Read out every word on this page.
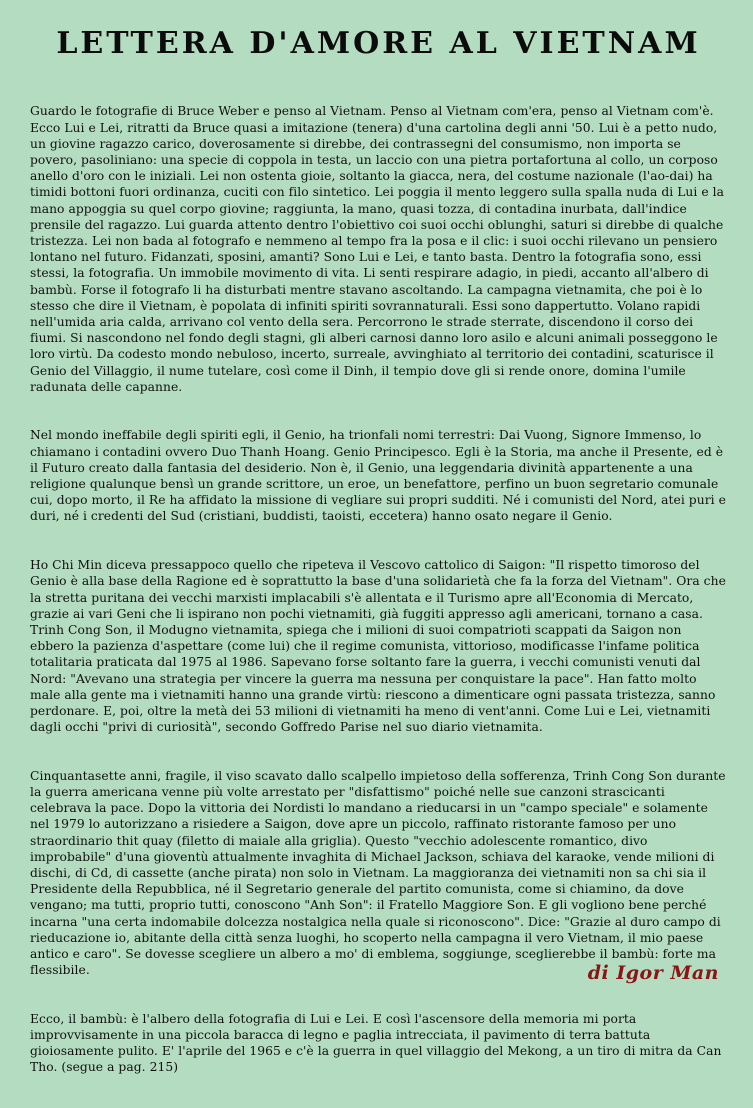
LETTERA D'AMORE AL VIETNAM

Guardo le fotografie di Bruce Weber e penso al Vietnam. Penso al Vietnam com'era, penso al Vietnam com'è. Ecco Lui e Lei, ritratti da Bruce quasi a imitazione (tenera) d'una cartolina degli anni '50. Lui è a petto nudo, un giovine ragazzo carico, doverosamente si direbbe, dei contrassegni del consumismo, non importa se povero, pasoliniano: una specie di coppola in testa, un laccio con una pietra portafortuna al collo, un corposo anello d'oro con le iniziali. Lei non ostenta gioie, soltanto la giacca, nera, del costume nazionale (l'ao-dai) ha timidi bottoni fuori ordinanza, cuciti con filo sintetico. Lei poggia il mento leggero sulla spalla nuda di Lui e la mano appoggia su quel corpo giovine; raggiunta, la mano, quasi tozza, di contadina inurbata, dall'indice prensile del ragazzo. Lui guarda attento dentro l'obiettivo coi suoi occhi oblunghi, saturi si direbbe di qualche tristezza. Lei non bada al fotografo e nemmeno al tempo fra la posa e il clic: i suoi occhi rilevano un pensiero lontano nel futuro. Fidanzati, sposini, amanti? Sono Lui e Lei, e tanto basta. Dentro la fotografia sono, essi stessi, la fotografia. Un immobile movimento di vita. Li senti respirare adagio, in piedi, accanto all'albero di bambù. Forse il fotografo li ha disturbati mentre stavano ascoltando. La campagna vietnamita, che poi è lo stesso che dire il Vietnam, è popolata di infiniti spiriti sovrannaturali. Essi sono dappertutto. Volano rapidi nell'umida aria calda, arrivano col vento della sera. Percorrono le strade sterrate, discendono il corso dei fiumi. Si nascondono nel fondo degli stagni, gli alberi carnosi danno loro asilo e alcuni animali posseggono le loro virtù. Da codesto mondo nebuloso, incerto, surreale, avvinghiato al territorio dei contadini, scaturisce il Genio del Villaggio, il nume tutelare, così come il Dinh, il tempio dove gli si rende onore, domina l'umile radunata delle capanne.

Nel mondo ineffabile degli spiriti egli, il Genio, ha trionfali nomi terrestri: Dai Vuong, Signore Immenso, lo chiamano i contadini ovvero Duo Thanh Hoang. Genio Principesco. Egli è la Storia, ma anche il Presente, ed è il Futuro creato dalla fantasia del desiderio. Non è, il Genio, una leggendaria divinità appartenente a una religione qualunque bensì un grande scrittore, un eroe, un benefattore, perfino un buon segretario comunale cui, dopo morto, il Re ha affidato la missione di vegliare sui propri sudditi. Né i comunisti del Nord, atei puri e duri, né i credenti del Sud (cristiani, buddisti, taoisti, eccetera) hanno osato negare il Genio.

Ho Chi Min diceva pressappoco quello che ripeteva il Vescovo cattolico di Saigon: "Il rispetto timoroso del Genio è alla base della Ragione ed è soprattutto la base d'una solidarietà che fa la forza del Vietnam". Ora che la stretta puritana dei vecchi marxisti implacabili s'è allentata e il Turismo apre all'Economia di Mercato, grazie ai vari Geni che li ispirano non pochi vietnamiti, già fuggiti appresso agli americani, tornano a casa. Trinh Cong Son, il Modugno vietnamita, spiega che i milioni di suoi compatrioti scappati da Saigon non ebbero la pazienza d'aspettare (come lui) che il regime comunista, vittorioso, modificasse l'infame politica totalitaria praticata dal 1975 al 1986. Sapevano forse soltanto fare la guerra, i vecchi comunisti venuti dal Nord: "Avevano una strategia per vincere la guerra ma nessuna per conquistare la pace". Han fatto molto male alla gente ma i vietnamiti hanno una grande virtù: riescono a dimenticare ogni passata tristezza, sanno perdonare. E, poi, oltre la metà dei 53 milioni di vietnamiti ha meno di vent'anni. Come Lui e Lei, vietnamiti dagli occhi "privi di curiosità", secondo Goffredo Parise nel suo diario vietnamita.

Cinquantasette anni, fragile, il viso scavato dallo scalpello impietoso della sofferenza, Trinh Cong Son durante la guerra americana venne più volte arrestato per "disfattismo" poiché nelle sue canzoni strascicanti celebrava la pace. Dopo la vittoria dei Nordisti lo mandano a rieducarsi in un "campo speciale" e solamente nel 1979 lo autorizzano a risiedere a Saigon, dove apre un piccolo, raffinato ristorante famoso per uno straordinario thit quay (filetto di maiale alla griglia). Questo "vecchio adolescente romantico, divo improbabile" d'una gioventù attualmente invaghita di Michael Jackson, schiava del karaoke, vende milioni di dischi, di Cd, di cassette (anche pirata) non solo in Vietnam. La maggioranza dei vietnamiti non sa chi sia il Presidente della Repubblica, né il Segretario generale del partito comunista, come si chiamino, da dove vengano; ma tutti, proprio tutti, conoscono "Anh Son": il Fratello Maggiore Son. E gli vogliono bene perché incarna "una certa indomabile dolcezza nostalgica nella quale si riconoscono". Dice: "Grazie al duro campo di rieducazione io, abitante della città senza luoghi, ho scoperto nella campagna il vero Vietnam, il mio paese antico e caro". Se dovesse scegliere un albero a mo' di emblema, soggiunge, sceglierebbe il bambù: forte ma flessibile.

Ecco, il bambù: è l'albero della fotografia di Lui e Lei. E così l'ascensore della memoria mi porta improvvisamente in una piccola baracca di legno e paglia intrecciata, il pavimento di terra battuta gioiosamente pulito. E' l'aprile del 1965 e c'è la guerra in quel villaggio del Mekong, a un tiro di mitra da Can Tho. (segue a pag. 215)

di Igor Man
